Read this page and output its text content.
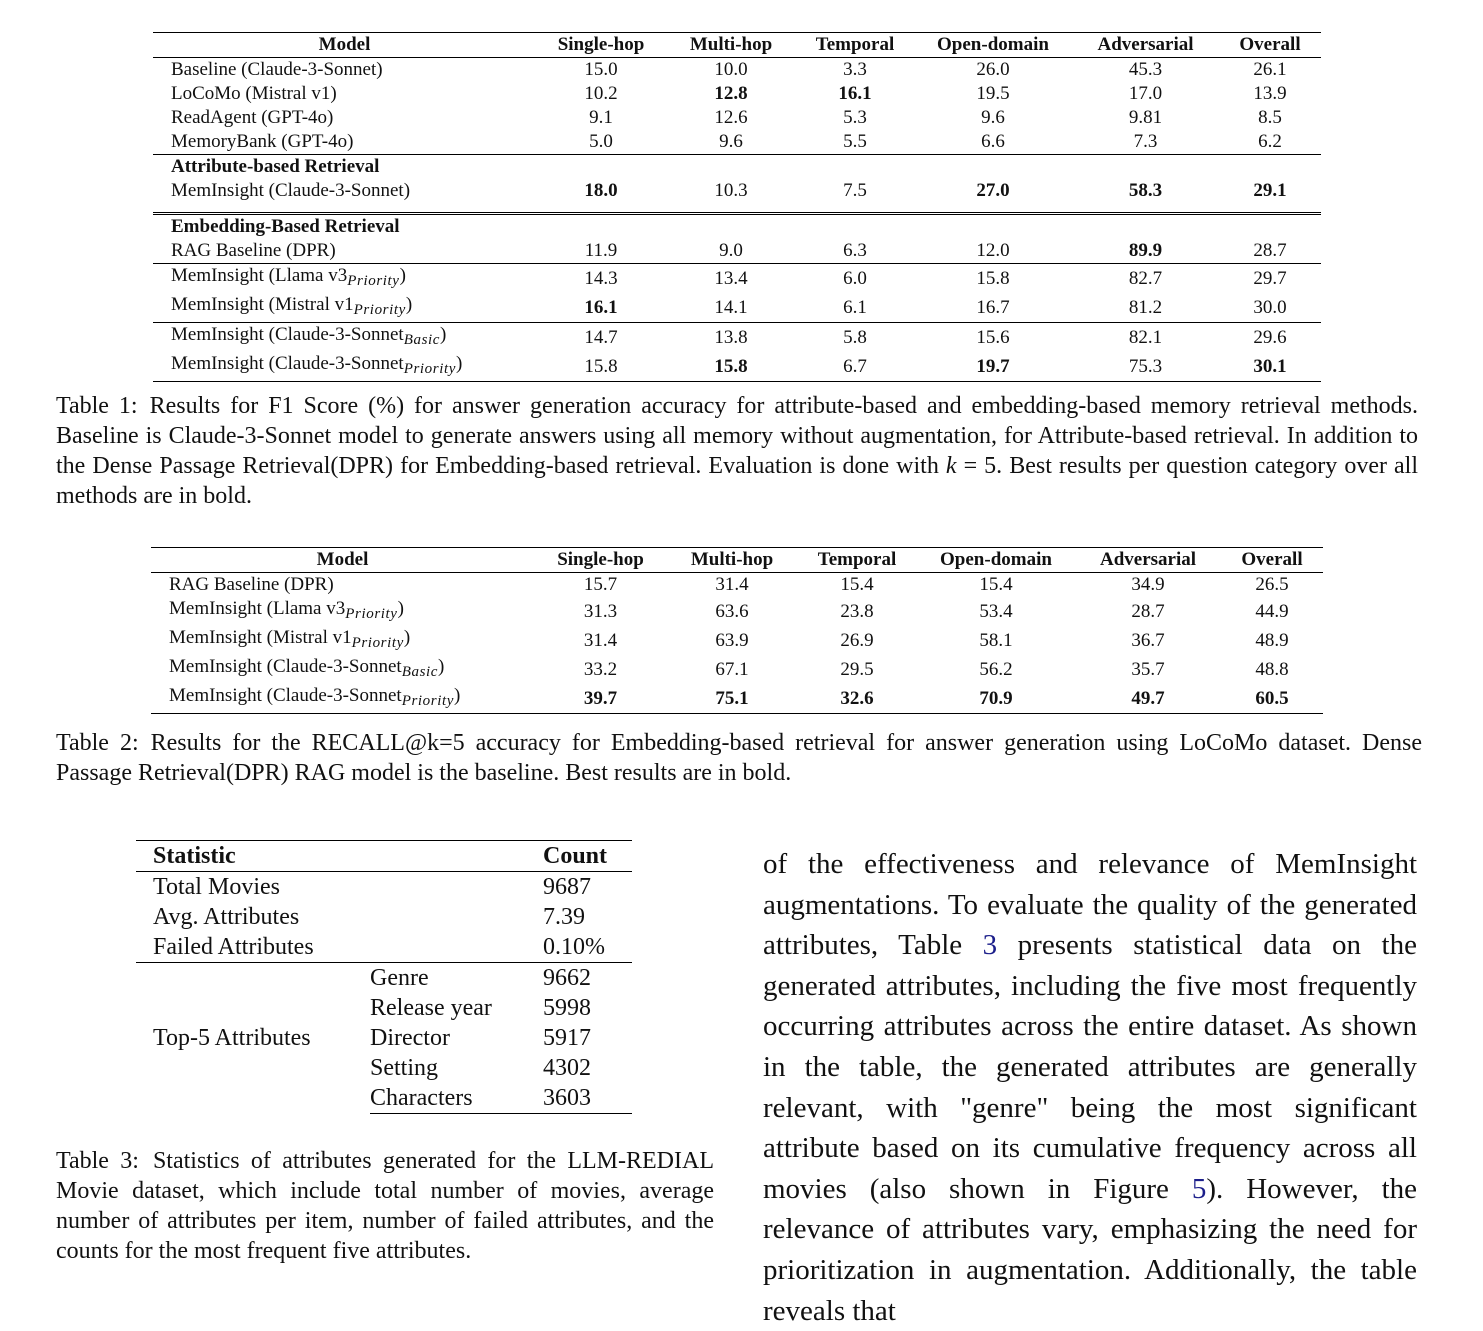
Model	Single-hop	Multi-hop	Temporal	Open-domain	Adversarial	Overall
Baseline (Claude-3-Sonnet)	15.0	10.0	3.3	26.0	45.3	26.1
LoCoMo (Mistral v1)	10.2	12.8	16.1	19.5	17.0	13.9
ReadAgent (GPT-4o)	9.1	12.6	5.3	9.6	9.81	8.5
MemoryBank (GPT-4o)	5.0	9.6	5.5	6.6	7.3	6.2
Attribute-based Retrieval						
MemInsight (Claude-3-Sonnet)	18.0	10.3	7.5	27.0	58.3	29.1

Embedding-Based Retrieval						
RAG Baseline (DPR)	11.9	9.0	6.3	12.0	89.9	28.7
MemInsight (Llama $v3_{Priority}$)	14.3	13.4	6.0	15.8	82.7	29.7
MemInsight (Mistral $v1_{Priority}$)	16.1	14.1	6.1	16.7	81.2	30.0
MemInsight (Claude-3-Sonnet$_{Basic}$)	14.7	13.8	5.8	15.6	82.1	29.6
MemInsight (Claude-3-Sonnet$_{Priority}$)	15.8	15.8	6.7	19.7	75.3	30.1

Table 1: Results for F1 Score (%) for answer generation accuracy for attribute-based and embedding-based memory retrieval methods. Baseline is Claude-3-Sonnet model to generate answers using all memory without augmentation, for Attribute-based retrieval. In addition to the Dense Passage Retrieval(DPR) for Embedding-based retrieval. Evaluation is done with k = 5. Best results per question category over all methods are in bold.

Model	Single-hop	Multi-hop	Temporal	Open-domain	Adversarial	Overall
RAG Baseline (DPR)	15.7	31.4	15.4	15.4	34.9	26.5
MemInsight (Llama $v3_{Priority}$)	31.3	63.6	23.8	53.4	28.7	44.9
MemInsight (Mistral $v1_{Priority}$)	31.4	63.9	26.9	58.1	36.7	48.9
MemInsight (Claude-3-Sonnet$_{Basic}$)	33.2	67.1	29.5	56.2	35.7	48.8
MemInsight (Claude-3-Sonnet$_{Priority}$)	39.7	75.1	32.6	70.9	49.7	60.5

Table 2: Results for the RECALL@k=5 accuracy for Embedding-based retrieval for answer generation using LoCoMo dataset. Dense Passage Retrieval(DPR) RAG model is the baseline. Best results are in bold.

Statistic		Count
Total Movies		9687
Avg. Attributes		7.39
Failed Attributes		0.10%
Top-5 Attributes	Genre	9662
	Release year	5998
	Director	5917
	Setting	4302
	Characters	3603

Table 3: Statistics of attributes generated for the LLM-REDIAL Movie dataset, which include total number of movies, average number of attributes per item, number of failed attributes, and the counts for the most frequent five attributes.

of the effectiveness and relevance of MemInsight augmentations. To evaluate the quality of the generated attributes, Table 3 presents statistical data on the generated attributes, including the five most frequently occurring attributes across the entire dataset. As shown in the table, the generated attributes are generally relevant, with "genre" being the most significant attribute based on its cumulative frequency across all movies (also shown in Figure 5). However, the relevance of attributes vary, emphasizing the need for prioritization in augmentation. Additionally, the table reveals that
